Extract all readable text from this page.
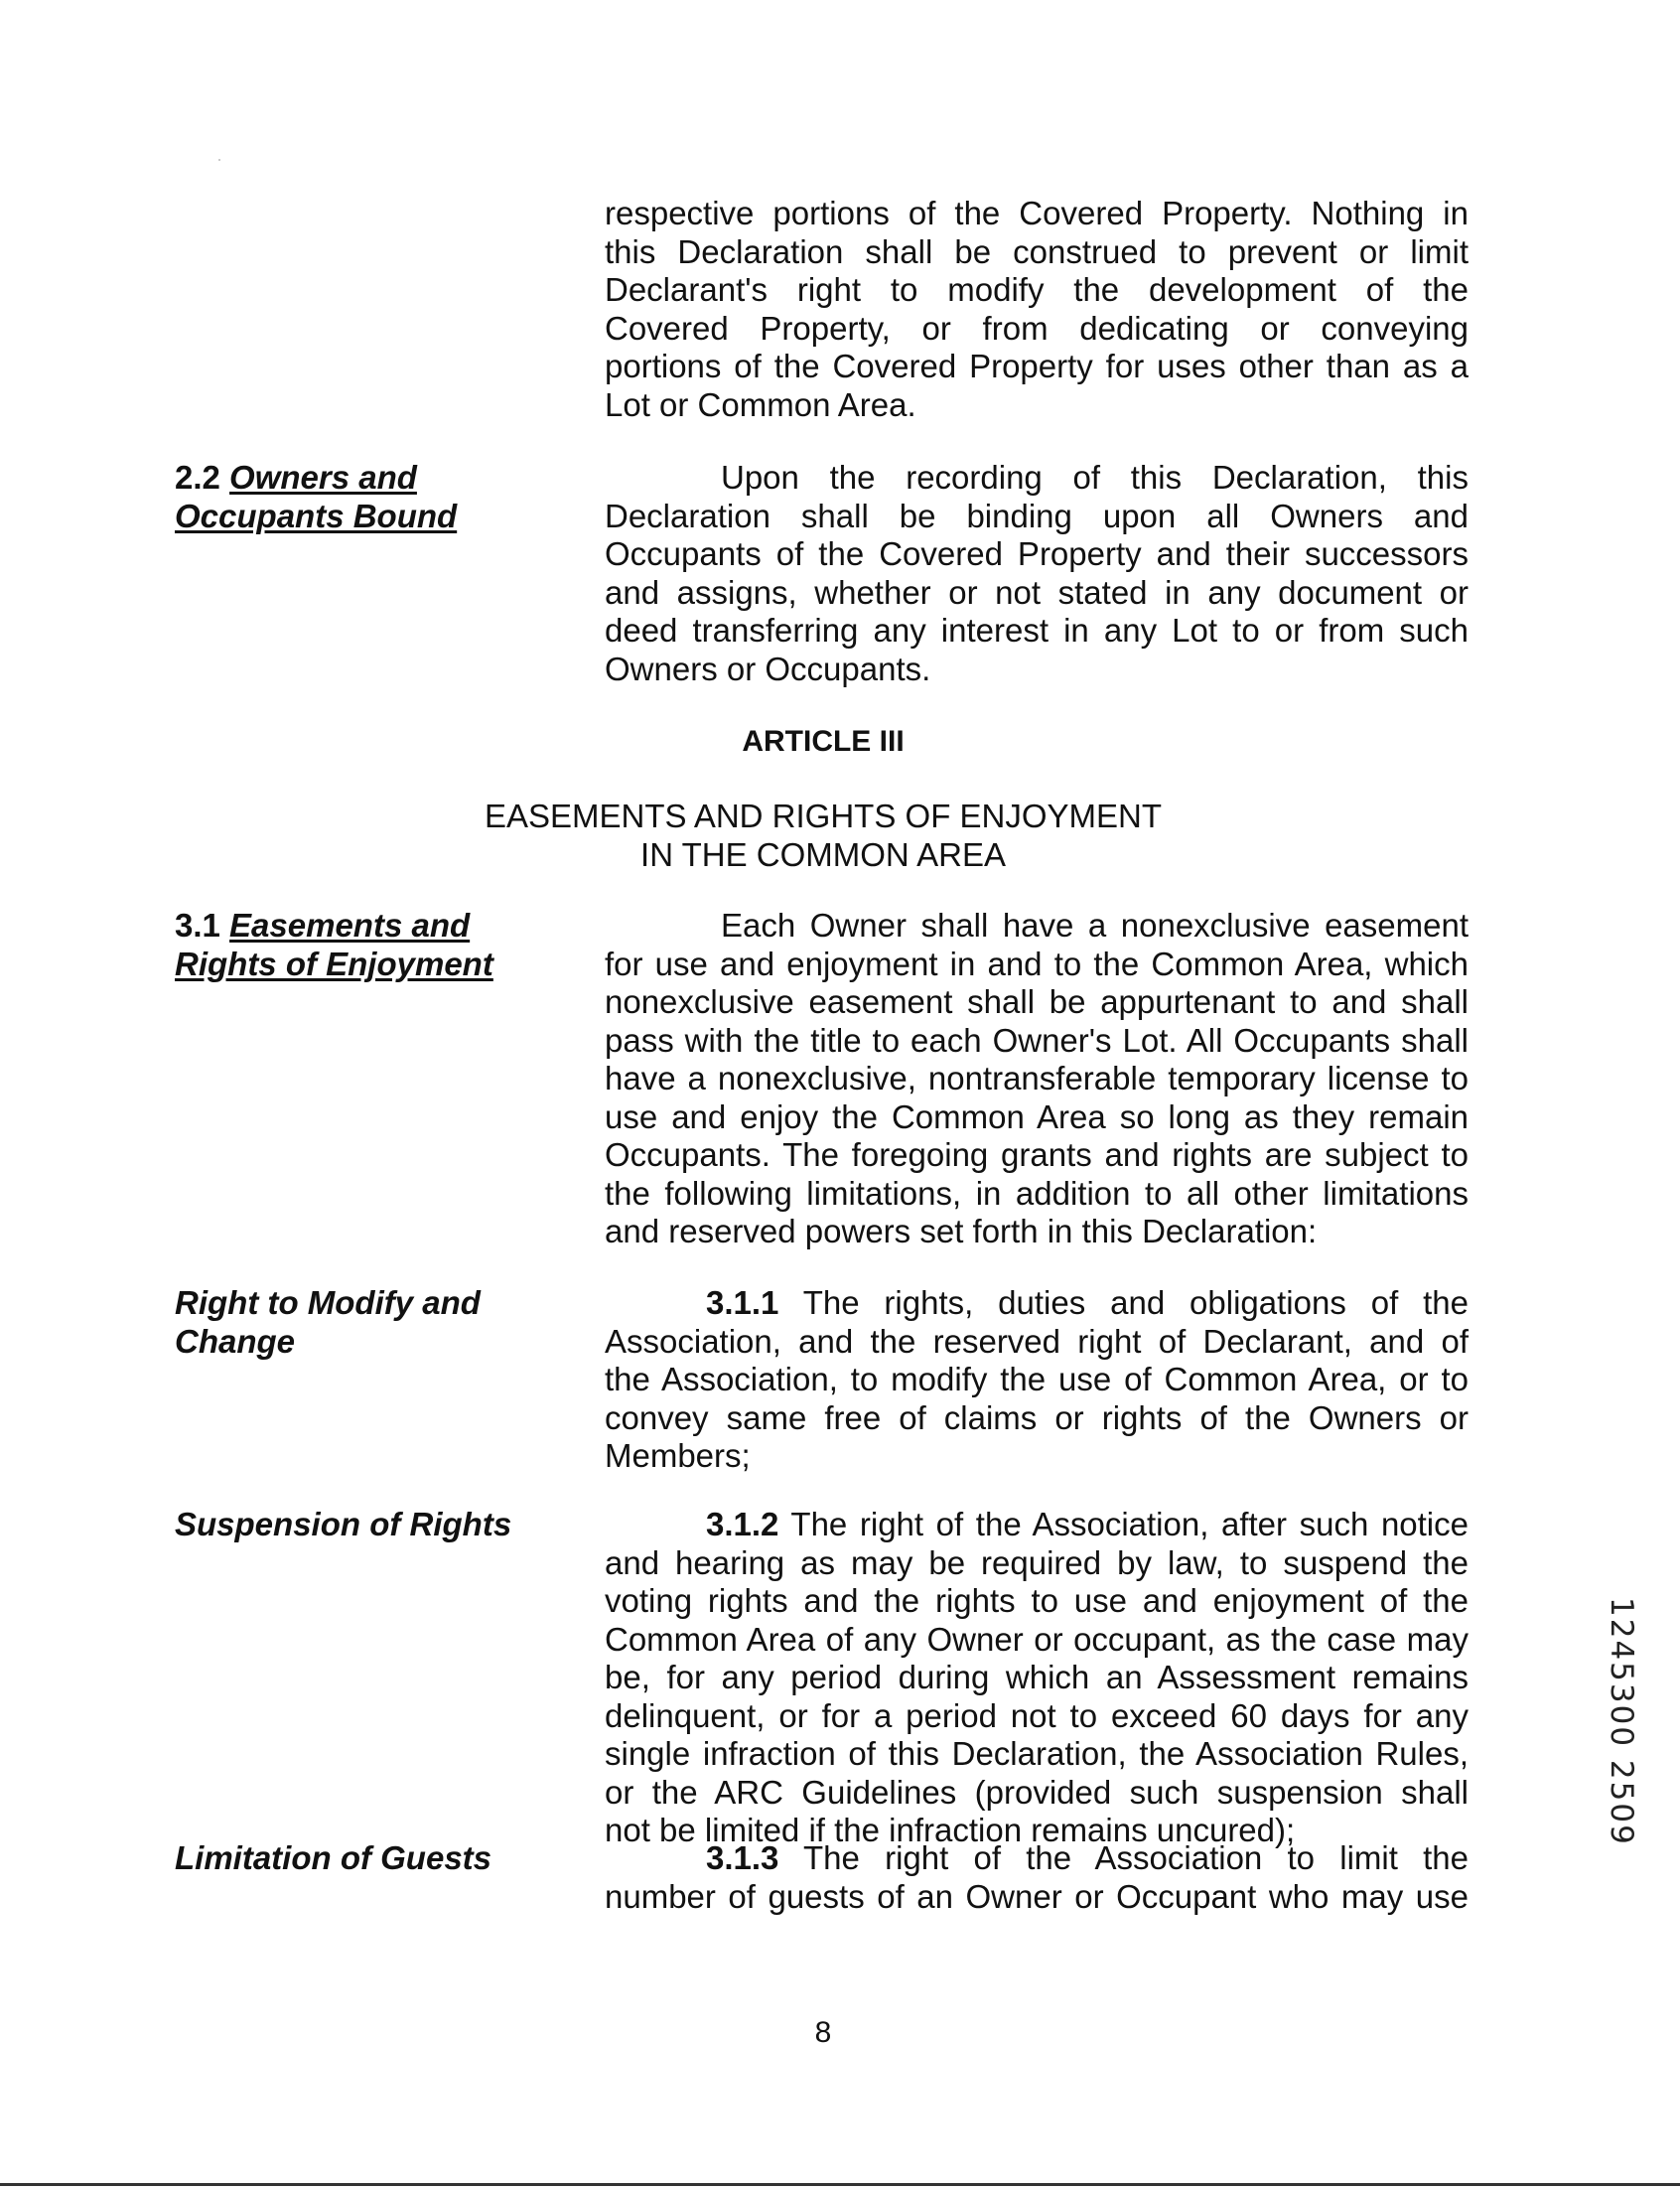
respective portions of the Covered Property. Nothing in
this Declaration shall be construed to prevent or limit
Declarant's right to modify the development of the
Covered Property, or from dedicating or conveying
portions of the Covered Property for uses other than as a
Lot or Common Area.
2.2 Owners and
Occupants Bound
Upon the recording of this Declaration, this
Declaration shall be binding upon all Owners and
Occupants of the Covered Property and their successors
and assigns, whether or not stated in any document or
deed transferring any interest in any Lot to or from such
Owners or Occupants.
ARTICLE III
EASEMENTS AND RIGHTS OF ENJOYMENT
IN THE COMMON AREA
3.1 Easements and
Rights of Enjoyment
Each Owner shall have a nonexclusive easement
for use and enjoyment in and to the Common Area, which
nonexclusive easement shall be appurtenant to and shall
pass with the title to each Owner's Lot. All Occupants shall
have a nonexclusive, nontransferable temporary license to
use and enjoy the Common Area so long as they remain
Occupants. The foregoing grants and rights are subject to
the following limitations, in addition to all other limitations
and reserved powers set forth in this Declaration:
Right to Modify and
Change
3.1.1 The rights, duties and obligations of the
Association, and the reserved right of Declarant, and of
the Association, to modify the use of Common Area, or to
convey same free of claims or rights of the Owners or
Members;
Suspension of Rights	3.1.2 The right of the Association, after such notice
and hearing as may be required by law, to suspend the
voting rights and the rights to use and enjoyment of the
Common Area of any Owner or occupant, as the case may
be, for any period during which an Assessment remains
delinquent, or for a period not to exceed 60 days for any
single infraction of this Declaration, the Association Rules,
or the ARC Guidelines (provided such suspension shall
not be limited if the infraction remains uncured);
Limitation of Guests	3.1.3 The right of the Association to limit the
number of guests of an Owner or Occupant who may use
8
1245300 2509
